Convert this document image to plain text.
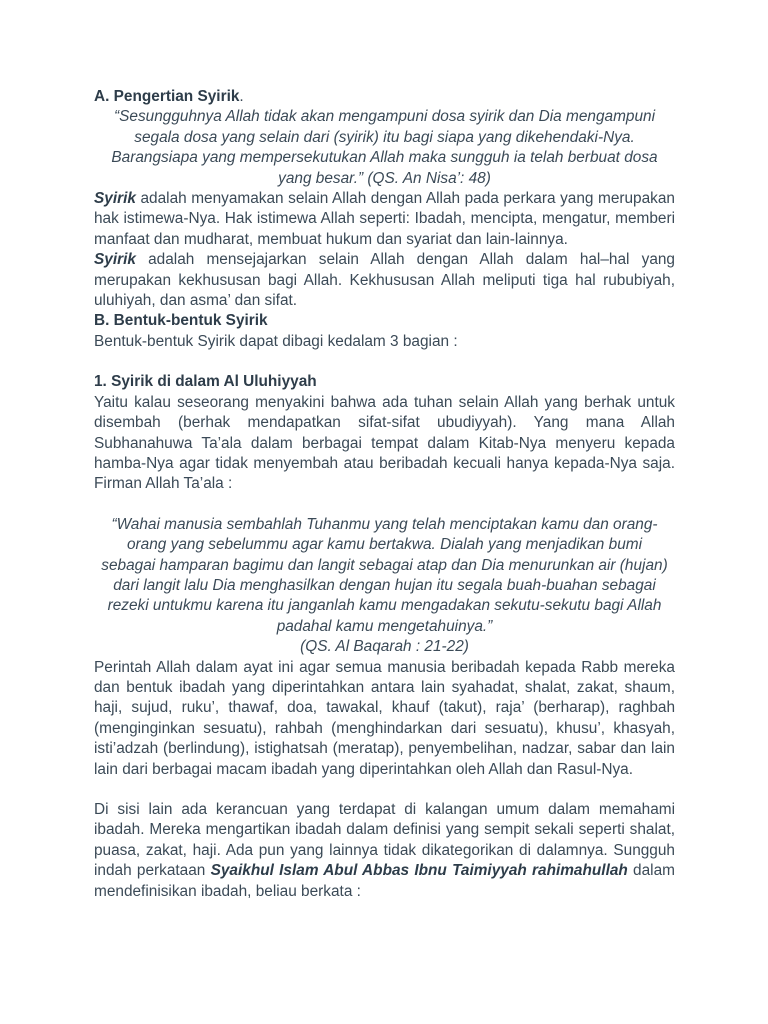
A. Pengertian Syirik.

“Sesungguhnya Allah tidak akan mengampuni dosa syirik dan Dia mengampuni segala dosa yang selain dari (syirik) itu bagi siapa yang dikehendaki-Nya. Barangsiapa yang mempersekutukan Allah maka sungguh ia telah berbuat dosa yang besar.” (QS. An Nisa’: 48)

Syirik adalah menyamakan selain Allah dengan Allah pada perkara yang merupakan hak istimewa-Nya. Hak istimewa Allah seperti: Ibadah, mencipta, mengatur, memberi manfaat dan mudharat, membuat hukum dan syariat dan lain-lainnya.

Syirik adalah mensejajarkan selain Allah dengan Allah dalam hal–hal yang merupakan kekhususan bagi Allah. Kekhususan Allah meliputi tiga hal rububiyah, uluhiyah, dan asma’ dan sifat.

B. Bentuk-bentuk Syirik

Bentuk-bentuk Syirik dapat dibagi kedalam 3 bagian :

1. Syirik di dalam Al Uluhiyyah

Yaitu kalau seseorang menyakini bahwa ada tuhan selain Allah yang berhak untuk disembah (berhak mendapatkan sifat-sifat ubudiyyah). Yang mana Allah Subhanahuwa Ta’ala dalam berbagai tempat dalam Kitab-Nya menyeru kepada hamba-Nya agar tidak menyembah atau beribadah kecuali hanya kepada-Nya saja. Firman Allah Ta’ala :

“Wahai manusia sembahlah Tuhanmu yang telah menciptakan kamu dan orang-orang yang sebelummu agar kamu bertakwa. Dialah yang menjadikan bumi sebagai hamparan bagimu dan langit sebagai atap dan Dia menurunkan air (hujan) dari langit lalu Dia menghasilkan dengan hujan itu segala buah-buahan sebagai rezeki untukmu karena itu janganlah kamu mengadakan sekutu-sekutu bagi Allah padahal kamu mengetahuinya.”

(QS. Al Baqarah : 21-22)

Perintah Allah dalam ayat ini agar semua manusia beribadah kepada Rabb mereka dan bentuk ibadah yang diperintahkan antara lain syahadat, shalat, zakat, shaum, haji, sujud, ruku’, thawaf, doa, tawakal, khauf (takut), raja’ (berharap), raghbah (menginginkan sesuatu), rahbah (menghindarkan dari sesuatu), khusu’, khasyah, isti’adzah (berlindung), istighatsah (meratap), penyembelihan, nadzar, sabar dan lain lain dari berbagai macam ibadah yang diperintahkan oleh Allah dan Rasul-Nya.

Di sisi lain ada kerancuan yang terdapat di kalangan umum dalam memahami ibadah. Mereka mengartikan ibadah dalam definisi yang sempit sekali seperti shalat, puasa, zakat, haji. Ada pun yang lainnya tidak dikategorikan di dalamnya. Sungguh indah perkataan Syaikhul Islam Abul Abbas Ibnu Taimiyyah rahimahullah dalam mendefinisikan ibadah, beliau berkata :
